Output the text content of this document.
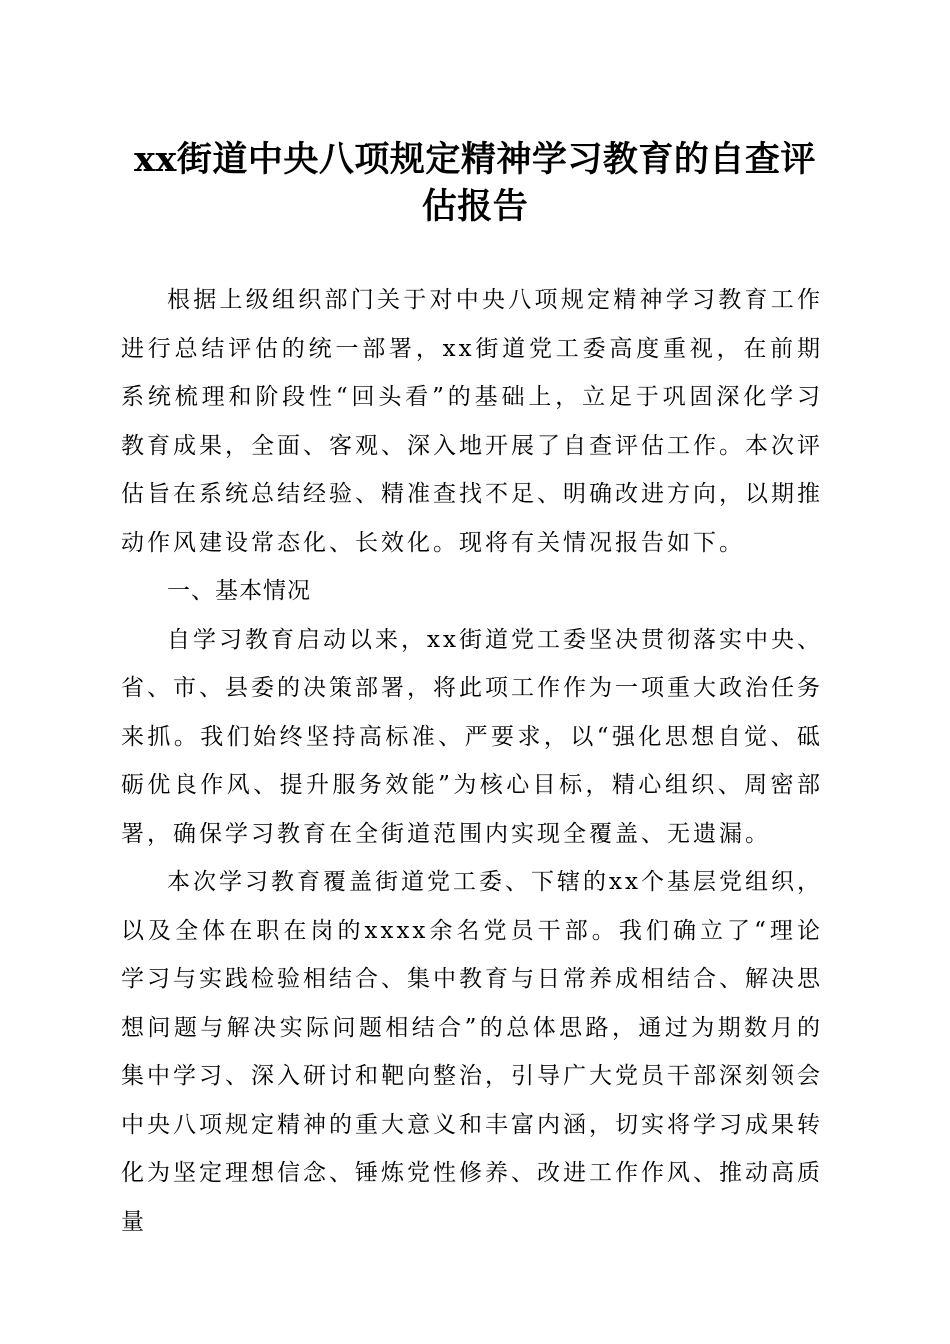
xx街道中央八项规定精神学习教育的自查评估报告

根据上级组织部门关于对中央八项规定精神学习教育工作进行总结评估的统一部署，xx街道党工委高度重视，在前期系统梳理和阶段性“回头看”的基础上，立足于巩固深化学习教育成果，全面、客观、深入地开展了自查评估工作。本次评估旨在系统总结经验、精准查找不足、明确改进方向，以期推动作风建设常态化、长效化。现将有关情况报告如下。

一、基本情况

自学习教育启动以来，xx街道党工委坚决贯彻落实中央、省、市、县委的决策部署，将此项工作作为一项重大政治任务来抓。我们始终坚持高标准、严要求，以“强化思想自觉、砥砺优良作风、提升服务效能”为核心目标，精心组织、周密部署，确保学习教育在全街道范围内实现全覆盖、无遗漏。

本次学习教育覆盖街道党工委、下辖的xx个基层党组织，以及全体在职在岗的xxxx余名党员干部。我们确立了“理论学习与实践检验相结合、集中教育与日常养成相结合、解决思想问题与解决实际问题相结合”的总体思路，通过为期数月的集中学习、深入研讨和靶向整治，引导广大党员干部深刻领会中央八项规定精神的重大意义和丰富内涵，切实将学习成果转化为坚定理想信念、锤炼党性修养、改进工作作风、推动高质量
